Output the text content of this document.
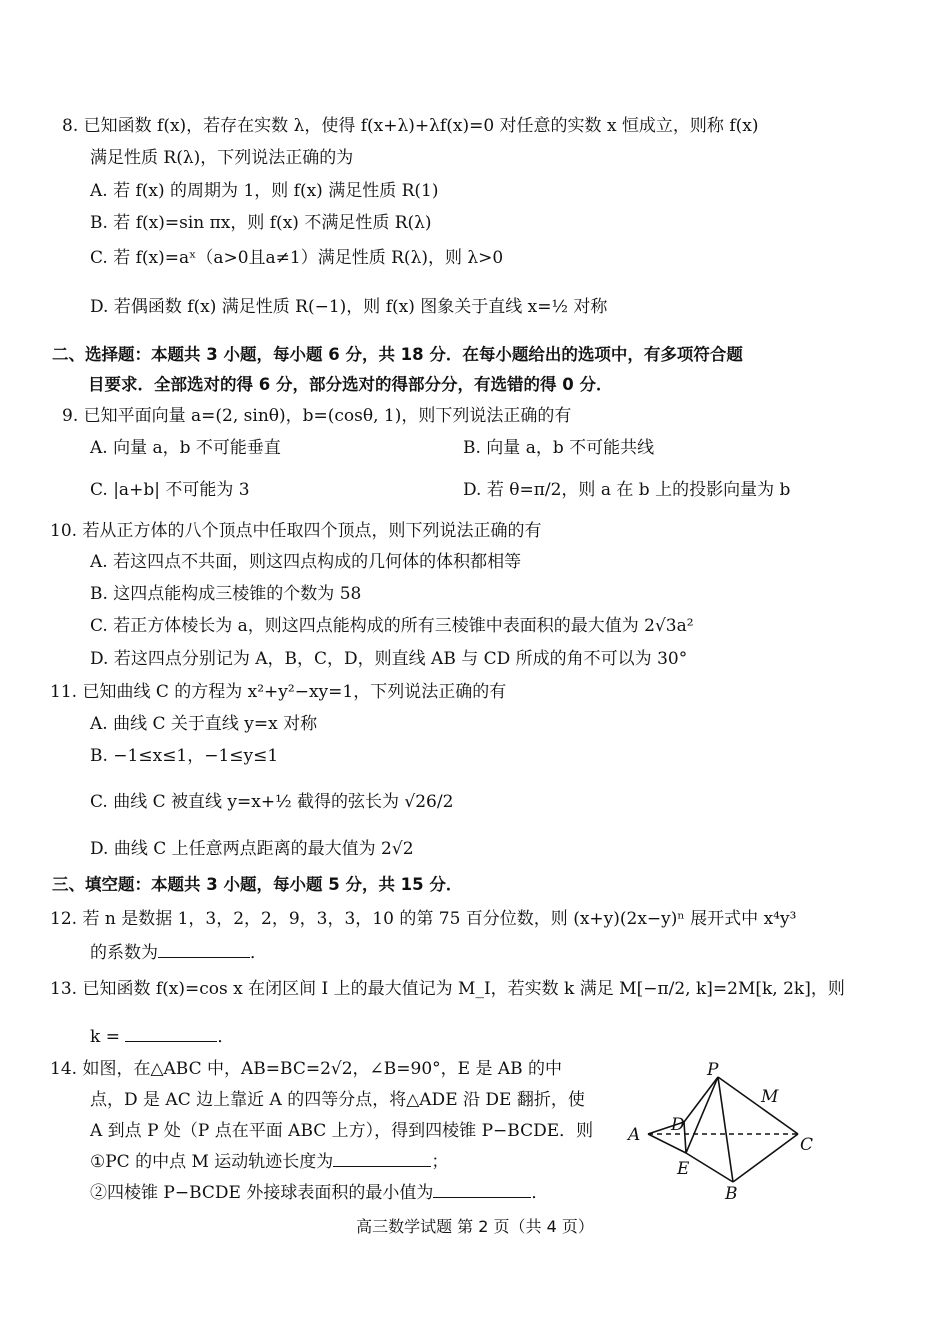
8. 已知函数 f(x)，若存在实数 λ，使得 f(x+λ)+λf(x)=0 对任意的实数 x 恒成立，则称 f(x)
满足性质 R(λ)，下列说法正确的为
A. 若 f(x) 的周期为 1，则 f(x) 满足性质 R(1)
B. 若 f(x)=sin πx，则 f(x) 不满足性质 R(λ)
C. 若 f(x)=aˣ（a>0且a≠1）满足性质 R(λ)，则 λ>0
D. 若偶函数 f(x) 满足性质 R(−1)，则 f(x) 图象关于直线 x=½ 对称
二、选择题：本题共 3 小题，每小题 6 分，共 18 分．在每小题给出的选项中，有多项符合题
目要求．全部选对的得 6 分，部分选对的得部分分，有选错的得 0 分．
9. 已知平面向量 a=(2, sinθ)，b=(cosθ, 1)，则下列说法正确的有
A. 向量 a，b 不可能垂直	B. 向量 a，b 不可能共线
C. |a+b| 不可能为 3	D. 若 θ=π/2，则 a 在 b 上的投影向量为 b
10. 若从正方体的八个顶点中任取四个顶点，则下列说法正确的有
A. 若这四点不共面，则这四点构成的几何体的体积都相等
B. 这四点能构成三棱锥的个数为 58
C. 若正方体棱长为 a，则这四点能构成的所有三棱锥中表面积的最大值为 2√3a²
D. 若这四点分别记为 A，B，C，D，则直线 AB 与 CD 所成的角不可以为 30°
11. 已知曲线 C 的方程为 x²+y²−xy=1，下列说法正确的有
A. 曲线 C 关于直线 y=x 对称
B. −1≤x≤1，−1≤y≤1
C. 曲线 C 被直线 y=x+½ 截得的弦长为 √26/2
D. 曲线 C 上任意两点距离的最大值为 2√2
三、填空题：本题共 3 小题，每小题 5 分，共 15 分．
12. 若 n 是数据 1，3，2，2，9，3，3，10 的第 75 百分位数，则 (x+y)(2x−y)ⁿ 展开式中 x⁴y³
的系数为	．
13. 已知函数 f(x)=cos x 在闭区间 I 上的最大值记为 M_I，若实数 k 满足 M[−π/2, k]=2M[k, 2k]，则
k =	．
14. 如图，在△ABC 中，AB=BC=2√2，∠B=90°，E 是 AB 的中
点，D 是 AC 边上靠近 A 的四等分点，将△ADE 沿 DE 翻折，使
A 到点 P 处（P 点在平面 ABC 上方），得到四棱锥 P−BCDE．则
①PC 的中点 M 运动轨迹长度为	；
②四棱锥 P−BCDE 外接球表面积的最小值为	．
P
M
A D
C
E
B
高三数学试题 第 2 页（共 4 页）
